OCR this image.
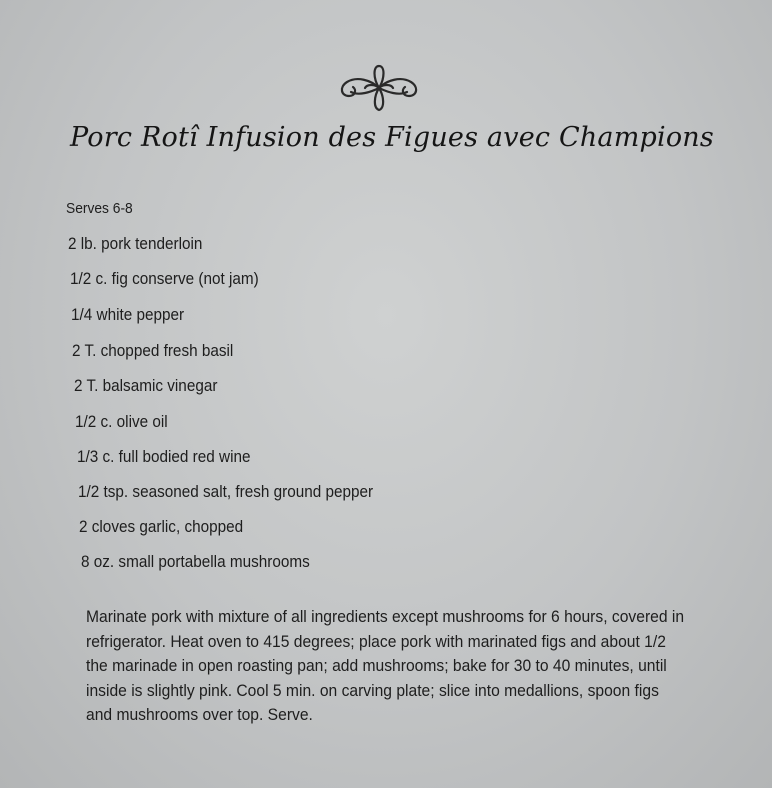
Porc Rotî Infusion des Figues avec Champions
Serves 6-8
2 lb. pork tenderloin
1/2 c. fig conserve (not jam)
1/4 white pepper
2 T. chopped fresh basil
2 T. balsamic vinegar
1/2 c. olive oil
1/3 c. full bodied red wine
1/2 tsp. seasoned salt, fresh ground pepper
2 cloves garlic, chopped
8 oz. small portabella mushrooms
Marinate pork with mixture of all ingredients except mushrooms for 6 hours, covered in refrigerator. Heat oven to 415 degrees; place pork with marinated figs and about 1/2 the marinade in open roasting pan; add mushrooms; bake for 30 to 40 minutes, until inside is slightly pink. Cool 5 min. on carving plate; slice into medallions, spoon figs and mushrooms over top. Serve.
